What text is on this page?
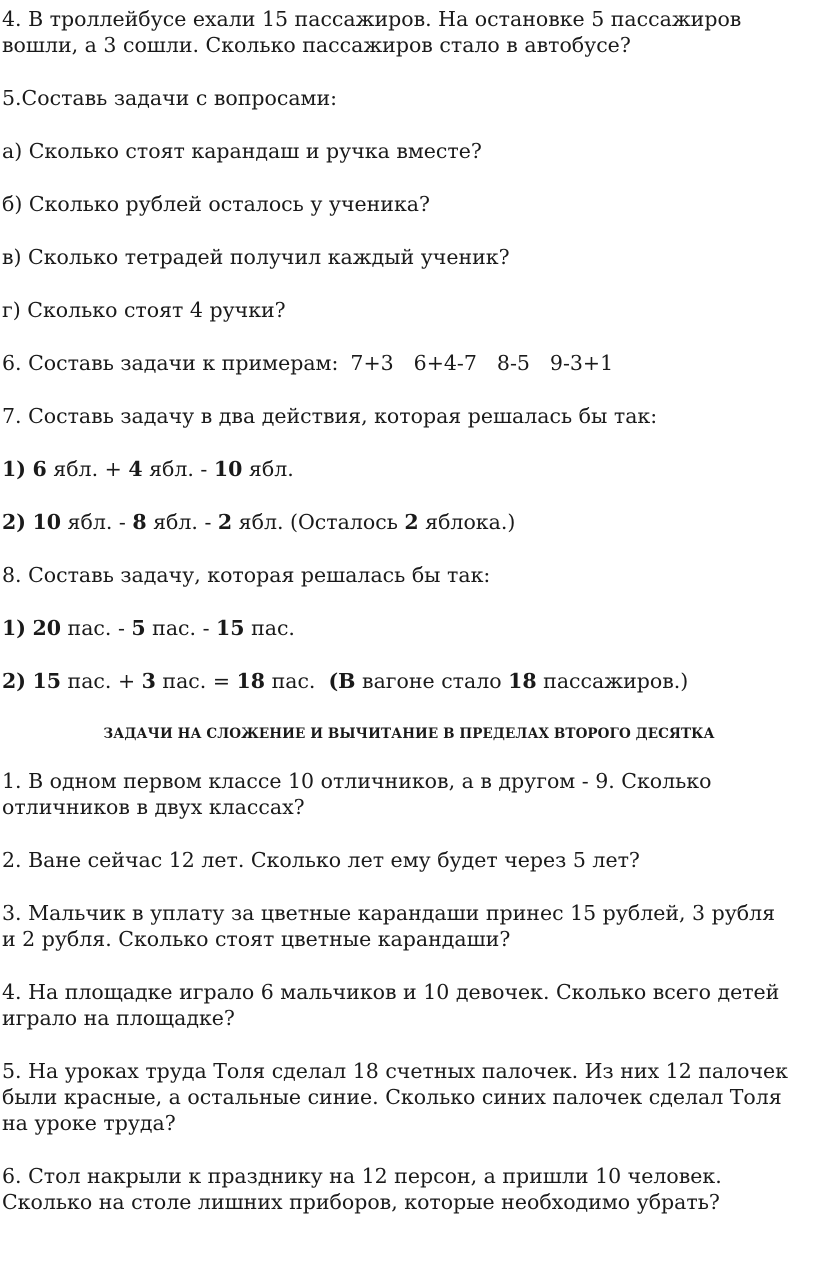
4. В троллейбусе ехали 15 пассажиров. На остановке 5 пассажиров

вошли, а 3 сошли. Сколько пассажиров стало в автобусе?

5.Составь задачи с вопросами:

а) Сколько стоят карандаш и ручка вместе?

б) Сколько рублей осталось у ученика?

в) Сколько тетрадей получил каждый ученик?

г) Сколько стоят 4 ручки?

6. Составь задачи к примерам: 7+3 6+4-7 8-5 9-3+1

7. Составь задачу в два действия, которая решалась бы так:

1) 6 ябл. + 4 ябл. - 10 ябл.

2) 10 ябл. - 8 ябл. - 2 ябл. (Осталось 2 яблока.)

8. Составь задачу, которая решалась бы так:

1) 20 пас. - 5 пас. - 15 пас.

2) 15 пас. + 3 пас. = 18 пас.  (В вагоне стало 18 пассажиров.)

ЗАДАЧИ НА СЛОЖЕНИЕ И ВЫЧИТАНИЕ В ПРЕДЕЛАХ ВТОРОГО ДЕСЯТКА

1. В одном первом классе 10 отличников, а в другом - 9. Сколько

отличников в двух классах?

2. Ване сейчас 12 лет. Сколько лет ему будет через 5 лет?

3. Мальчик в уплату за цветные карандаши принес 15 рублей, 3 рубля

и 2 рубля. Сколько стоят цветные карандаши?

4. На площадке играло 6 мальчиков и 10 девочек. Сколько всего детей

играло на площадке?

5. На уроках труда Толя сделал 18 счетных палочек. Из них 12 палочек

были красные, а остальные синие. Сколько синих палочек сделал Толя

на уроке труда?

6. Стол накрыли к празднику на 12 персон, а пришли 10 человек.

Сколько на столе лишних приборов, которые необходимо убрать?
